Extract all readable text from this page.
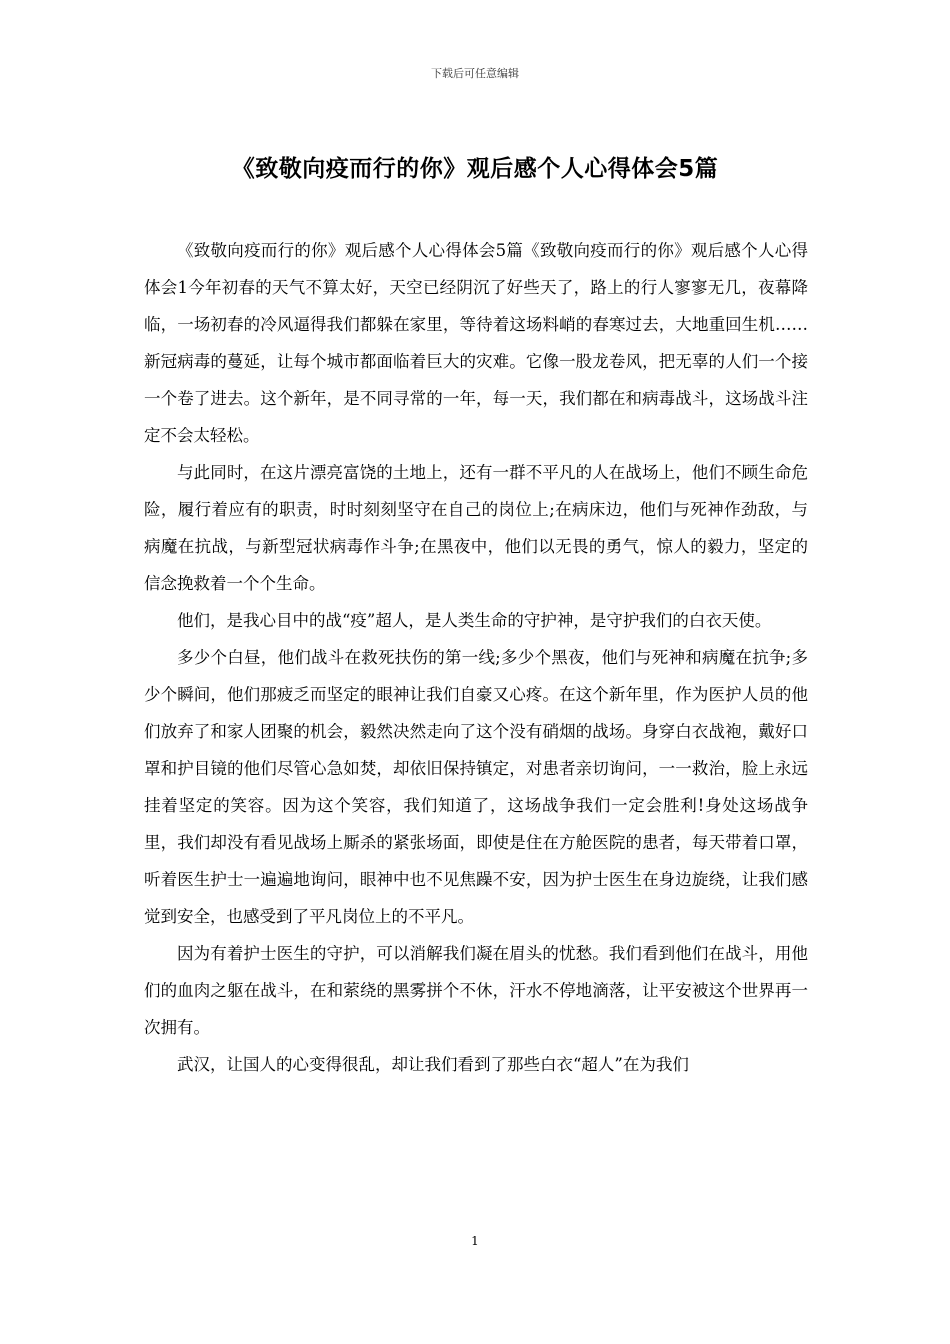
下载后可任意编辑
《致敬向疫而行的你》观后感个人心得体会5篇

《致敬向疫而行的你》观后感个人心得体会5篇《致敬向疫而行的你》观后感个人心得体会1今年初春的天气不算太好，天空已经阴沉了好些天了，路上的行人寥寥无几，夜幕降临，一场初春的冷风逼得我们都躲在家里，等待着这场料峭的春寒过去，大地重回生机……新冠病毒的蔓延，让每个城市都面临着巨大的灾难。它像一股龙卷风，把无辜的人们一个接一个卷了进去。这个新年，是不同寻常的一年，每一天，我们都在和病毒战斗，这场战斗注定不会太轻松。

与此同时，在这片漂亮富饶的土地上，还有一群不平凡的人在战场上，他们不顾生命危险，履行着应有的职责，时时刻刻坚守在自己的岗位上;在病床边，他们与死神作劲敌，与病魔在抗战，与新型冠状病毒作斗争;在黑夜中，他们以无畏的勇气，惊人的毅力，坚定的信念挽救着一个个生命。

他们，是我心目中的战“疫”超人，是人类生命的守护神，是守护我们的白衣天使。

多少个白昼，他们战斗在救死扶伤的第一线;多少个黑夜，他们与死神和病魔在抗争;多少个瞬间，他们那疲乏而坚定的眼神让我们自豪又心疼。在这个新年里，作为医护人员的他们放弃了和家人团聚的机会，毅然决然走向了这个没有硝烟的战场。身穿白衣战袍，戴好口罩和护目镜的他们尽管心急如焚，却依旧保持镇定，对患者亲切询问，一一救治，脸上永远挂着坚定的笑容。因为这个笑容，我们知道了，这场战争我们一定会胜利!身处这场战争里，我们却没有看见战场上厮杀的紧张场面，即使是住在方舱医院的患者，每天带着口罩，听着医生护士一遍遍地询问，眼神中也不见焦躁不安，因为护士医生在身边旋绕，让我们感觉到安全，也感受到了平凡岗位上的不平凡。

因为有着护士医生的守护，可以消解我们凝在眉头的忧愁。我们看到他们在战斗，用他们的血肉之躯在战斗，在和萦绕的黑雾拼个不休，汗水不停地滴落，让平安被这个世界再一次拥有。

武汉，让国人的心变得很乱，却让我们看到了那些白衣“超人”在为我们

1
